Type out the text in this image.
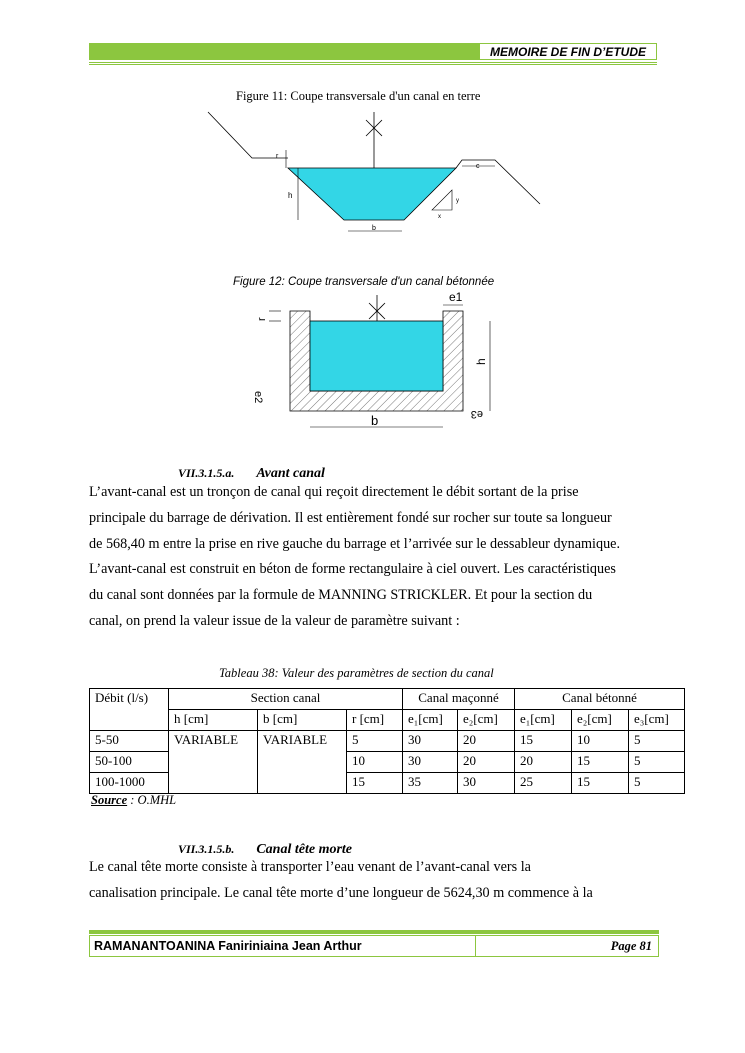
MEMOIRE DE FIN D’ETUDE
Figure 11: Coupe transversale d'un canal en terre
r
h
b
c
x
y
Figure 12: Coupe transversale d'un canal bétonnée
e1
r
h
e2
e3
b
VII.3.1.5.a. Avant canal

L’avant-canal est un tronçon de canal qui reçoit directement le débit sortant de la prise

principale du barrage de dérivation. Il est entièrement fondé sur rocher sur toute sa longueur

de 568,40 m entre la prise en rive gauche du barrage et l’arrivée sur le dessableur dynamique.

L’avant-canal est construit en béton de forme rectangulaire à ciel ouvert. Les caractéristiques

du canal sont données par la formule de MANNING STRICKLER. Et pour la section du

canal, on prend la valeur issue de la valeur de paramètre suivant :

Tableau 38: Valeur des paramètres de section du canal
Débit (l/s)	Section canal			Canal maçonné		Canal bétonné		
	h [cm]	b [cm]	r [cm]	e₁[cm]	e₂[cm]	e₁[cm]	e₂[cm]	e₃[cm]
5-50	VARIABLE	VARIABLE	5	30	20	15	10	5
50-100			10	30	20	20	15	5
100-1000			15	35	30	25	15	5
Source : O.MHL
VII.3.1.5.b. Canal tête morte

Le canal tête morte consiste à transporter l’eau venant de l’avant-canal vers la

canalisation principale. Le canal tête morte d’une longueur de 5624,30 m commence à la

RAMANANTOANINA Faniriniaina Jean Arthur	Page 81
